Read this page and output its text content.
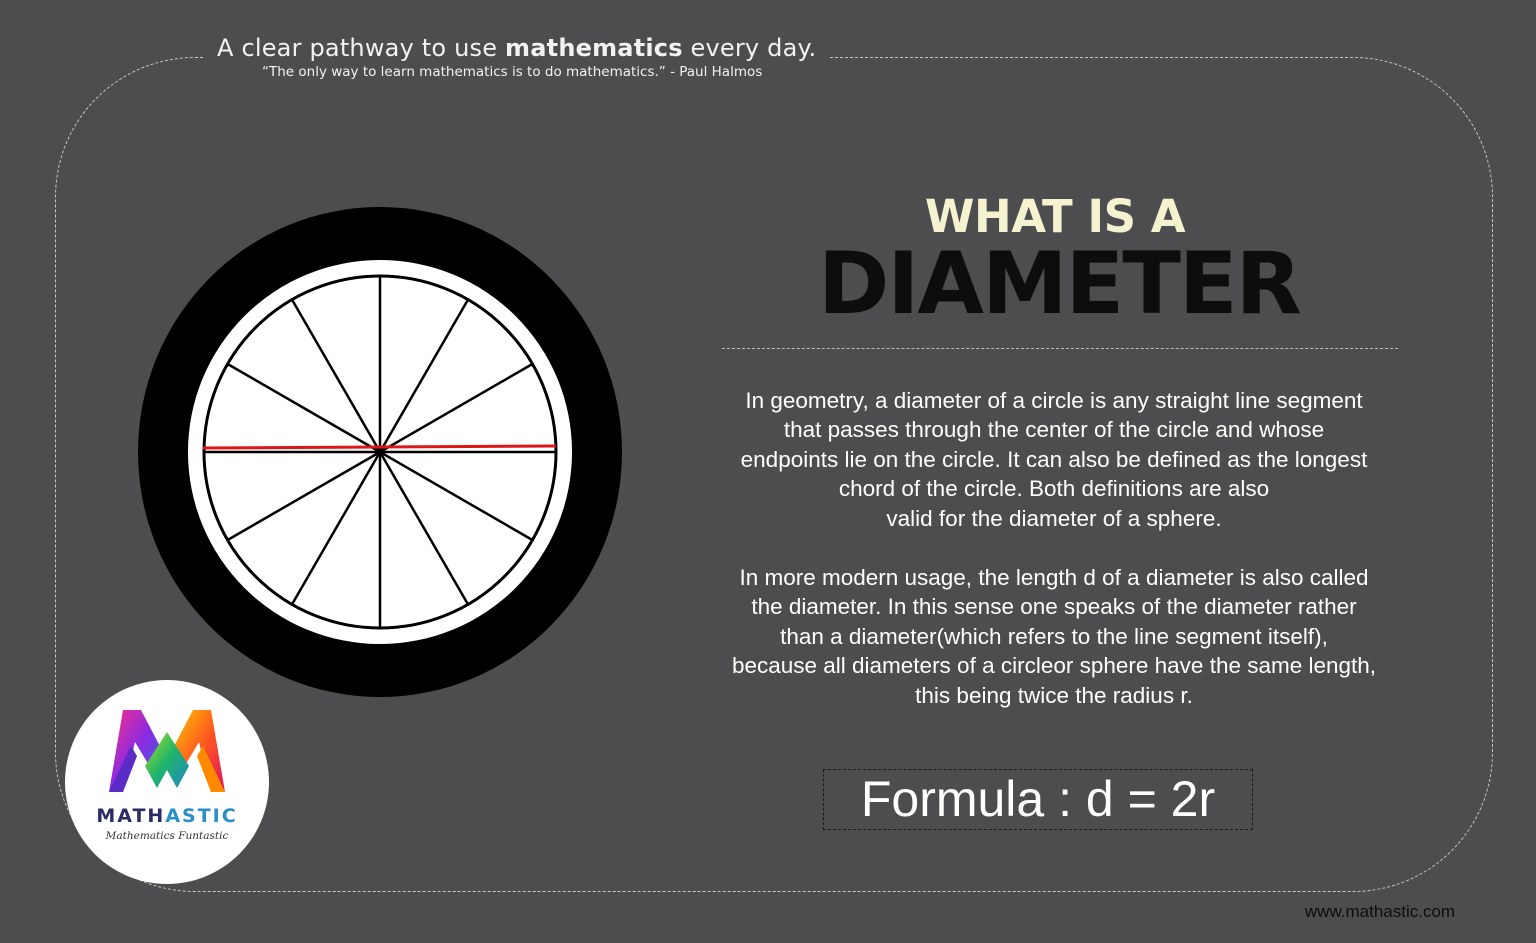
A clear pathway to use mathematics every day.
“The only way to learn mathematics is to do mathematics.” - Paul Halmos
WHAT IS A
DIAMETER
In geometry, a diameter of a circle is any straight line segment
that passes through the center of the circle and whose
endpoints lie on the circle. It can also be defined as the longest
chord of the circle. Both definitions are also
valid for the diameter of a sphere.
In more modern usage, the length d of a diameter is also called
the diameter. In this sense one speaks of the diameter rather
than a diameter(which refers to the line segment itself),
because all diameters of a circleor sphere have the same length,
this being twice the radius r.
Formula : d = 2r
MATHASTIC
Mathematics Funtastic
www.mathastic.com
